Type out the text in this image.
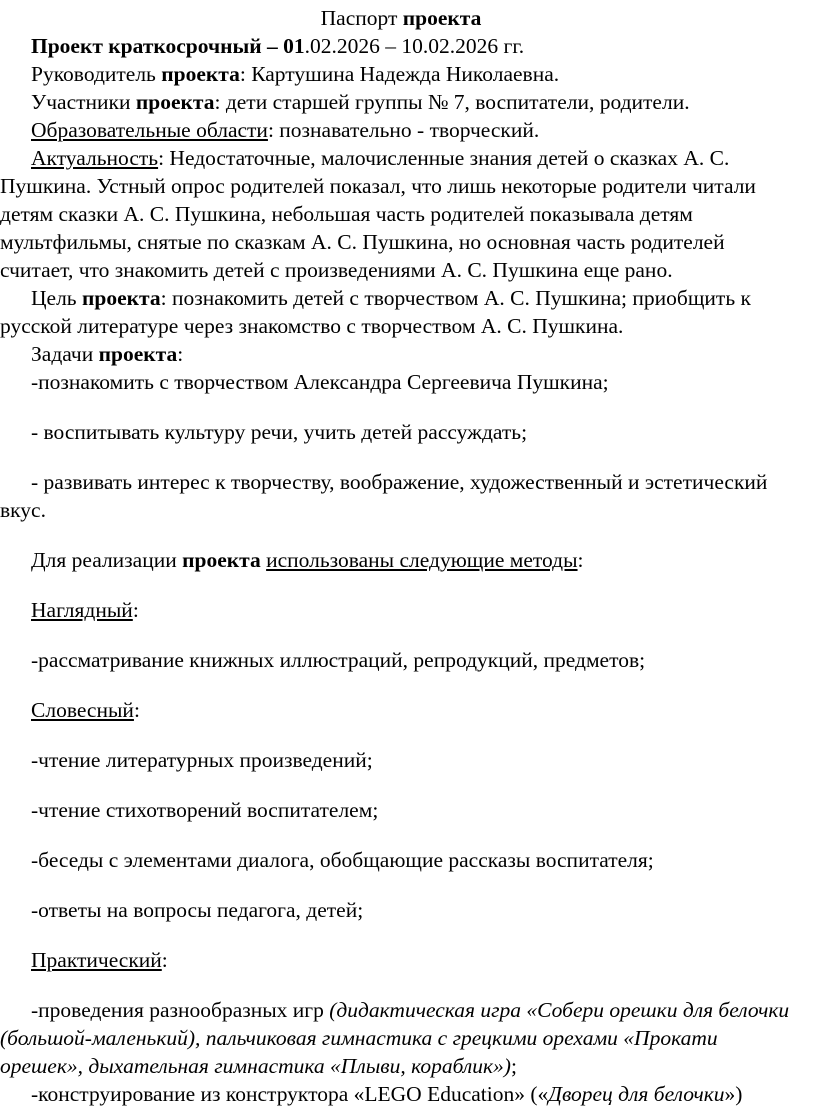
Паспорт проекта

Проект краткосрочный – 01.02.2026 – 10.02.2026 гг.

Руководитель проекта: Картушина Надежда Николаевна.

Участники проекта: дети старшей группы № 7, воспитатели, родители.

Образовательные области: познавательно - творческий.

Актуальность: Недостаточные, малочисленные знания детей о сказках А. С. Пушкина. Устный опрос родителей показал, что лишь некоторые родители читали детям сказки А. С. Пушкина, небольшая часть родителей показывала детям мультфильмы, снятые по сказкам А. С. Пушкина, но основная часть родителей считает, что знакомить детей с произведениями А. С. Пушкина еще рано.

Цель проекта: познакомить детей с творчеством А. С. Пушкина; приобщить к русской литературе через знакомство с творчеством А. С. Пушкина.

Задачи проекта:

-познакомить с творчеством Александра Сергеевича Пушкина;

- воспитывать культуру речи, учить детей рассуждать;

- развивать интерес к творчеству, воображение, художественный и эстетический вкус.

Для реализации проекта использованы следующие методы:

Наглядный:

-рассматривание книжных иллюстраций, репродукций, предметов;

Словесный:

-чтение литературных произведений;

-чтение стихотворений воспитателем;

-беседы с элементами диалога, обобщающие рассказы воспитателя;

-ответы на вопросы педагога, детей;

Практический:

-проведения разнообразных игр (дидактическая игра «Собери орешки для белочки (большой-маленький), пальчиковая гимнастика с грецкими орехами «Прокати орешек», дыхательная гимнастика «Плыви, кораблик»);

-конструирование из конструктора «LEGO Education» («Дворец для белочки»)
